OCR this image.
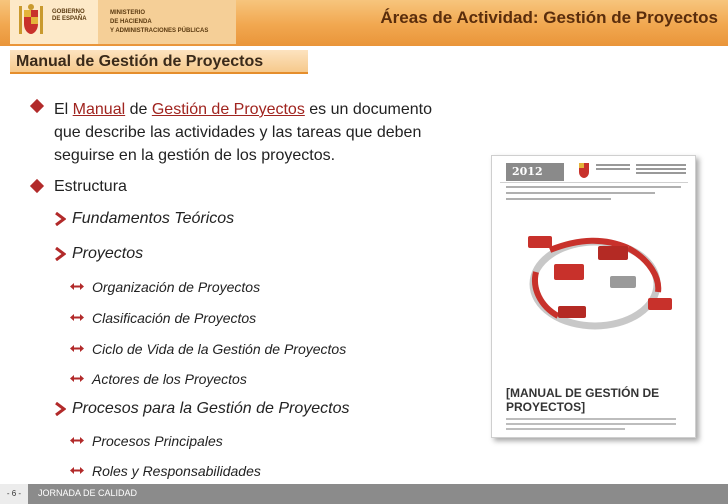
GOBIERNO
DE ESPAÑA
MINISTERIO
DE HACIENDA
Y ADMINISTRACIONES PÚBLICAS
Áreas de Actividad: Gestión de Proyectos
Manual de Gestión de Proyectos
El Manual de Gestión de Proyectos es un documento
que describe las actividades y las tareas que deben
seguirse en la gestión de los proyectos.
Estructura
Fundamentos Teóricos
Proyectos
Organización de Proyectos
Clasificación de Proyectos
Ciclo de Vida de la Gestión de Proyectos
Actores de los Proyectos
Procesos para la Gestión de Proyectos
Procesos Principales
Roles y Responsabilidades
2012
[MANUAL DE GESTIÓN DE
PROYECTOS]
- 6 -	JORNADA DE CALIDAD
